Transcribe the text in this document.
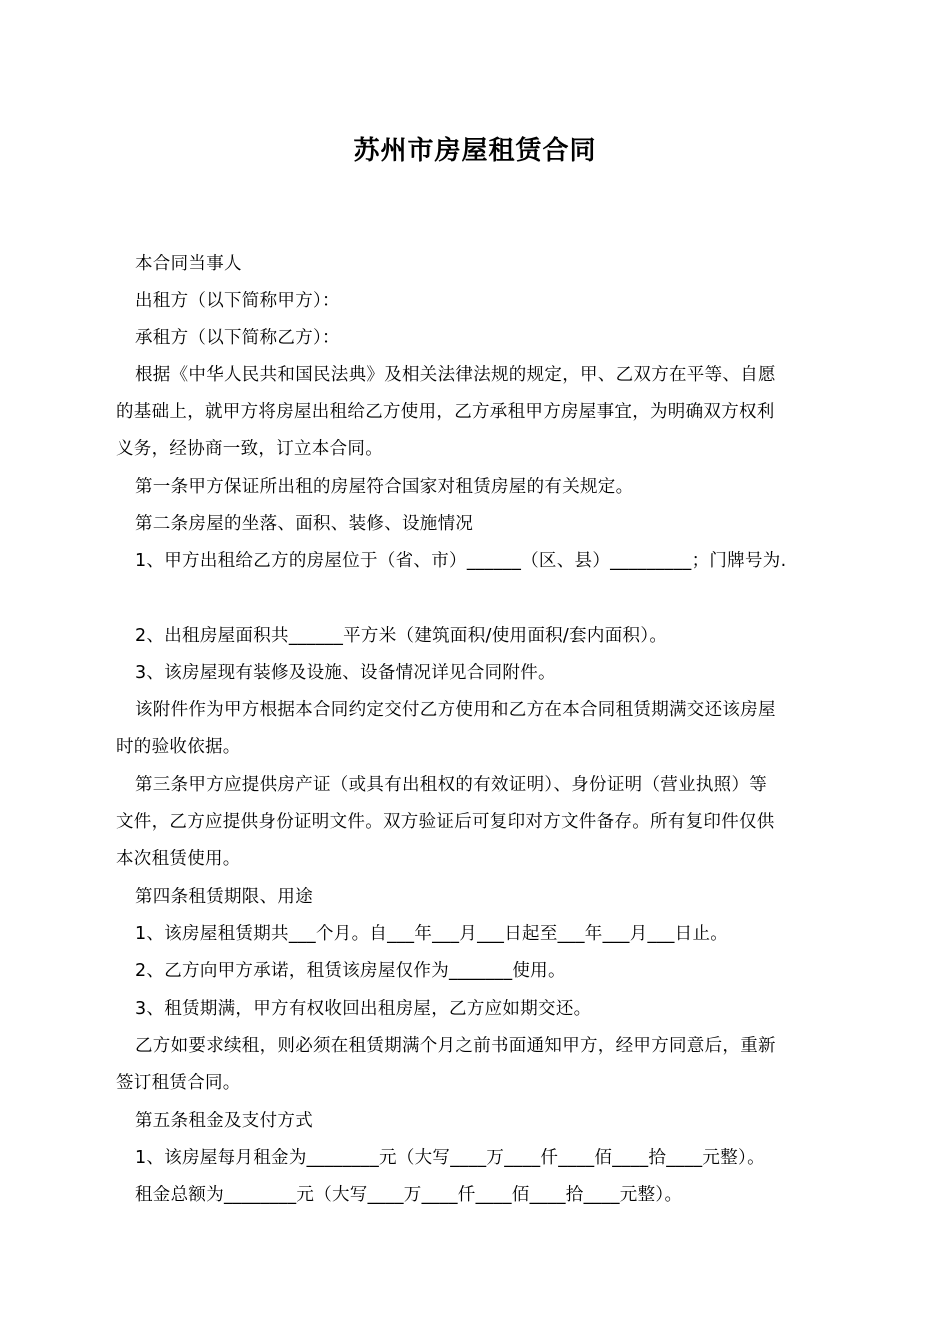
苏州市房屋租赁合同
本合同当事人
出租方（以下简称甲方）：
承租方（以下简称乙方）：
根据《中华人民共和国民法典》及相关法律法规的规定，甲、乙双方在平等、自愿
的基础上，就甲方将房屋出租给乙方使用，乙方承租甲方房屋事宜，为明确双方权利
义务，经协商一致，订立本合同。
第一条甲方保证所出租的房屋符合国家对租赁房屋的有关规定。
第二条房屋的坐落、面积、装修、设施情况
1、甲方出租给乙方的房屋位于（省、市）______（区、县）_________；门牌号为.
2、出租房屋面积共______平方米（建筑面积/使用面积/套内面积）。
3、该房屋现有装修及设施、设备情况详见合同附件。
该附件作为甲方根据本合同约定交付乙方使用和乙方在本合同租赁期满交还该房屋
时的验收依据。
第三条甲方应提供房产证（或具有出租权的有效证明）、身份证明（营业执照）等
文件，乙方应提供身份证明文件。双方验证后可复印对方文件备存。所有复印件仅供
本次租赁使用。
第四条租赁期限、用途
1、该房屋租赁期共___个月。自___年___月___日起至___年___月___日止。
2、乙方向甲方承诺，租赁该房屋仅作为_______使用。
3、租赁期满，甲方有权收回出租房屋，乙方应如期交还。
乙方如要求续租，则必须在租赁期满个月之前书面通知甲方，经甲方同意后，重新
签订租赁合同。
第五条租金及支付方式
1、该房屋每月租金为________元（大写____万____仟____佰____拾____元整）。
租金总额为________元（大写____万____仟____佰____拾____元整）。
